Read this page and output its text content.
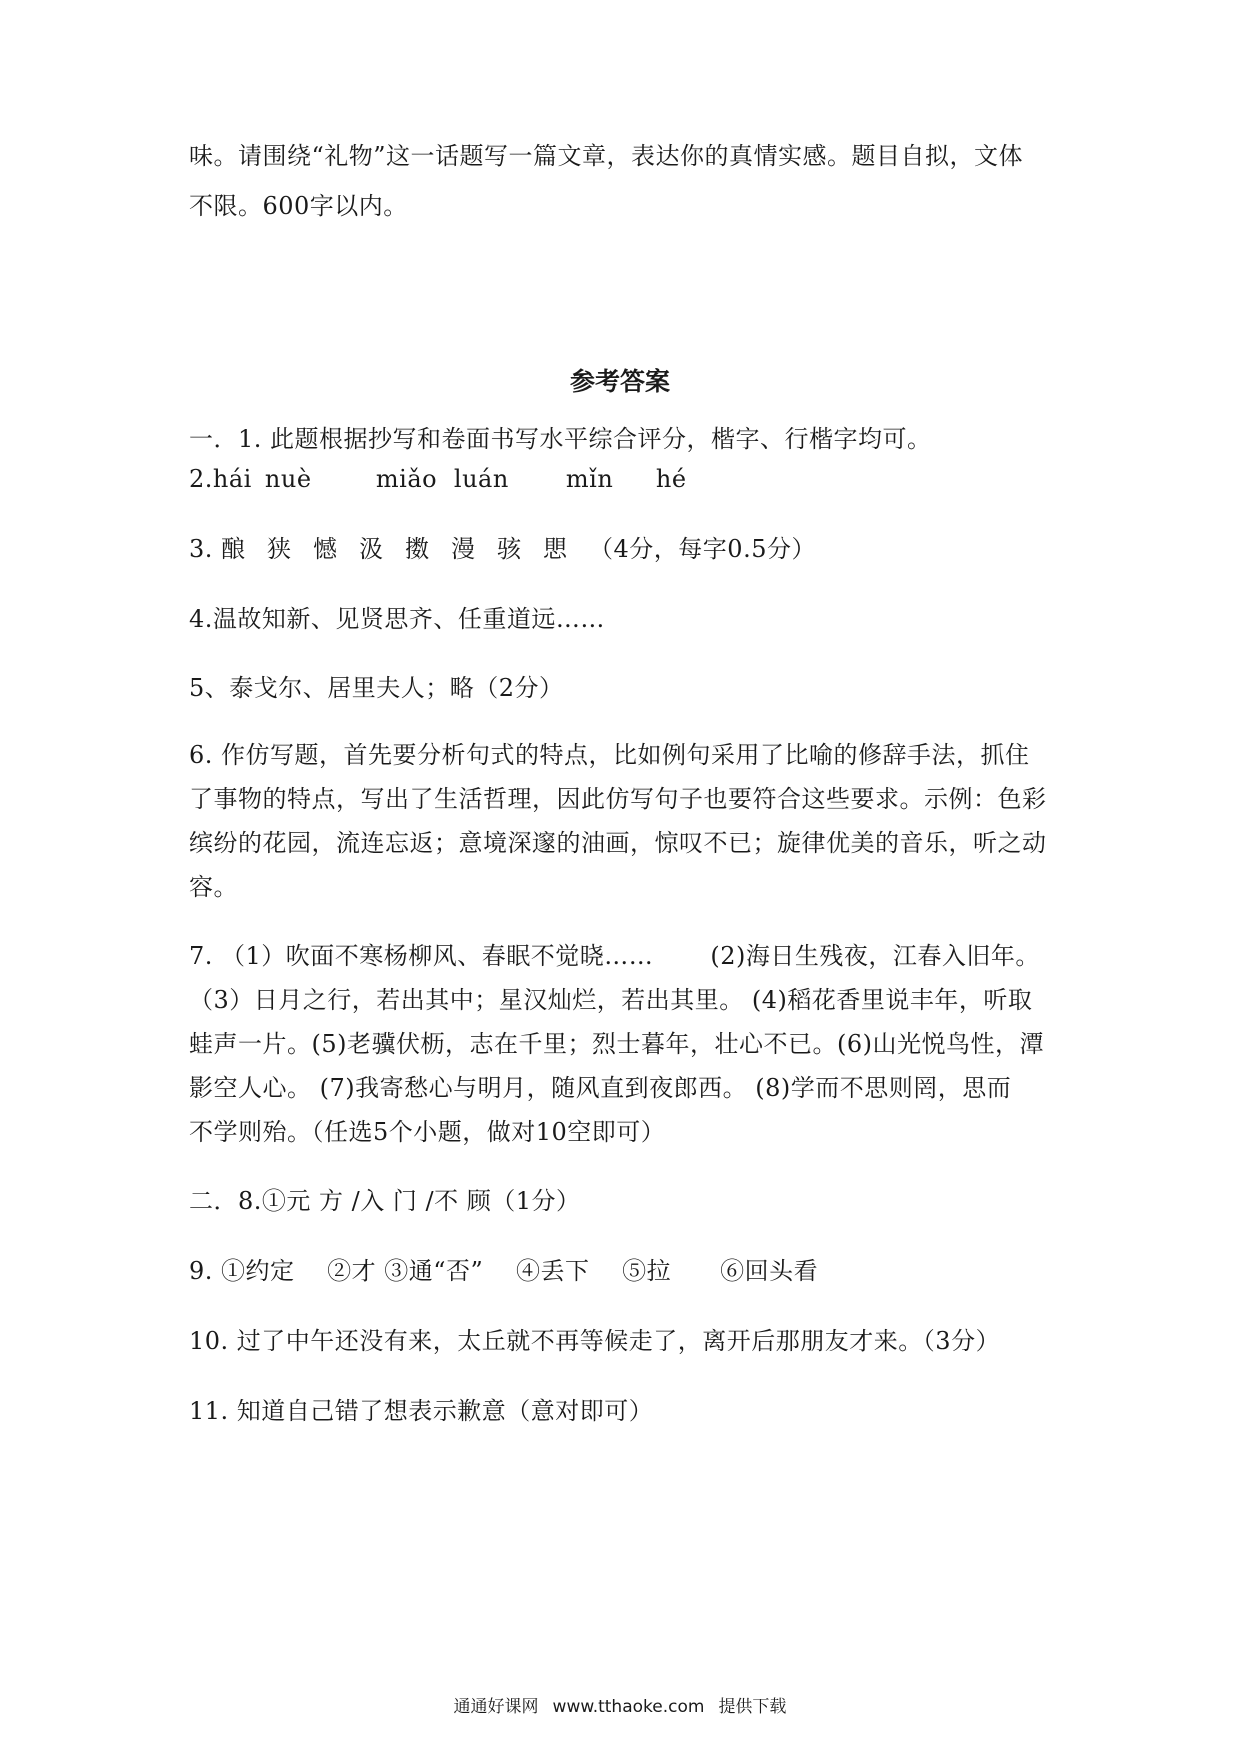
味。请围绕“礼物”这一话题写一篇文章，表达你的真情实感。题目自拟，文体
不限。600字以内。
参考答案
一．1. 此题根据抄写和卷面书写水平综合评分，楷字、行楷字均可。
2.hái nuè	miǎo luán mǐn hé
3. 酿 狭 憾 汲 擞 漫 骇 愳 （4分，每字0.5分）
4.温故知新、见贤思齐、任重道远……
5、泰戈尔、居里夫人；略（2分）
6. 作仿写题，首先要分析句式的特点，比如例句采用了比喻的修辞手法，抓住
了事物的特点，写出了生活哲理，因此仿写句子也要符合这些要求。示例：色彩
缤纷的花园，流连忘返；意境深邃的油画，惊叹不已；旋律优美的音乐，听之动
容。
7. （1）吹面不寒杨柳风、春眠不觉晓……　　 (2)海日生残夜，江春入旧年。
（3）日月之行，若出其中；星汉灿烂，若出其里。 (4)稻花香里说丰年，听取
蛙声一片。(5)老骥伏枥，志在千里；烈士暮年，壮心不已。(6)山光悦鸟性，潭
影空人心。 (7)我寄愁心与明月，随风直到夜郎西。 (8)学而不思则罔，思而
不学则殆。（任选5个小题，做对10空即可）
二．8.①元 方 /入 门 /不 顾（1分）
9. ①约定　 ②才 ③通“否”　 ④丢下　 ⑤拉　　⑥回头看
10. 过了中午还没有来，太丘就不再等候走了，离开后那朋友才来。（3分）
11. 知道自己错了想表示歉意（意对即可）
通通好课网 www.tthaoke.com 提供下载
